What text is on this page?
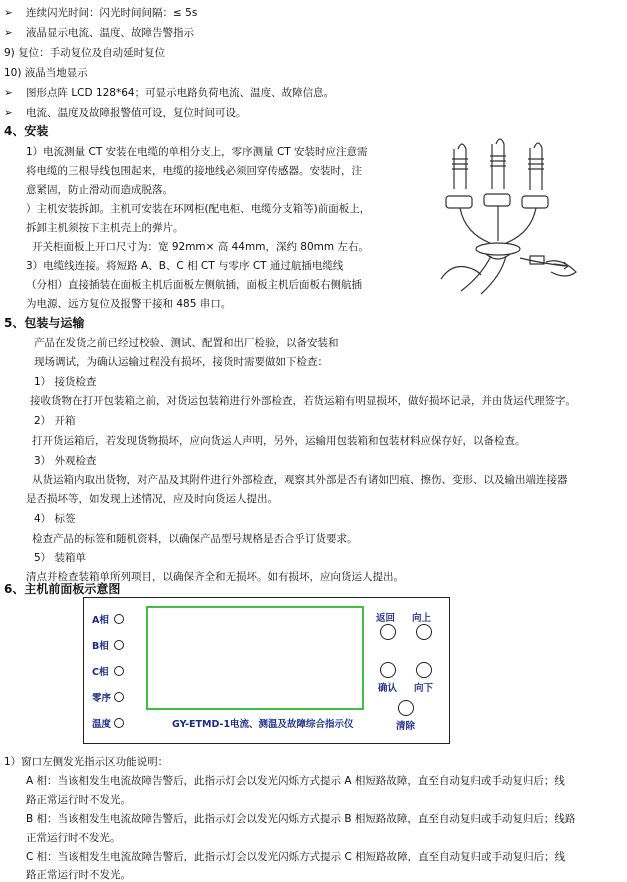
➢ 连续闪光时间：闪光时间间隔：≤ 5s
➢ 液晶显示电流、温度、故障告警指示
9) 复位：手动复位及自动延时复位
10) 液晶当地显示
➢ 图形点阵 LCD 128*64；可显示电路负荷电流、温度、故障信息。
➢ 电流、温度及故障报警值可设，复位时间可设。
4、安装
1）电流测量 CT 安装在电缆的单相分支上，零序测量 CT 安装时应注意需
将电缆的三根导线包围起来，电缆的接地线必须回穿传感器。安装时，注
意紧固，防止滑动而造成脱落。
）主机安装拆卸。主机可安装在环网柜(配电柜、电缆分支箱等)前面板上，
拆卸主机须按下主机壳上的弹片。
开关柜面板上开口尺寸为：宽 92mm× 高 44mm，深约 80mm 左右。
3）电缆线连接。将短路 A、B、C 相 CT 与零序 CT 通过航插电缆线
（分相）直接插装在面板主机后面板左侧航插，面板主机后面板右侧航插
为电源、远方复位及报警干接和 485 串口。
5、包装与运输
产品在发货之前已经过校验、测试、配置和出厂检验，以备安装和
现场调试，为确认运输过程没有损坏，接货时需要做如下检查：
1） 接货检查
接收货物在打开包装箱之前，对货运包装箱进行外部检查，若货运箱有明显损坏，做好损坏记录，并由货运代理签字。
2） 开箱
打开货运箱后，若发现货物损坏，应向货运人声明，另外，运输用包装箱和包装材料应保存好，以备检查。
3） 外观检查
从货运箱内取出货物，对产品及其附件进行外部检查，观察其外部是否有诸如凹痕、擦伤、变形、以及输出端连接器
是否损坏等，如发现上述情况，应及时向货运人提出。
4） 标签
检查产品的标签和随机资料，以确保产品型号规格是否合乎订货要求。
5） 装箱单
清点并检查装箱单所列项目，以确保齐全和无损坏。如有损坏，应向货运人提出。
6、主机前面板示意图
A相
B相
C相
零序
温度	GY-ETMD-1电流、测温及故障综合指示仪
返回 向上
确认 向下
清除
1）窗口左侧发光指示区功能说明：
A 相：当该相发生电流故障告警后，此指示灯会以发光闪烁方式提示 A 相短路故障，直至自动复归或手动复归后；线
路正常运行时不发光。
B 相：当该相发生电流故障告警后，此指示灯会以发光闪烁方式提示 B 相短路故障，直至自动复归或手动复归后；线路
正常运行时不发光。
C 相：当该相发生电流故障告警后，此指示灯会以发光闪烁方式提示 C 相短路故障，直至自动复归或手动复归后；线
路正常运行时不发光。
